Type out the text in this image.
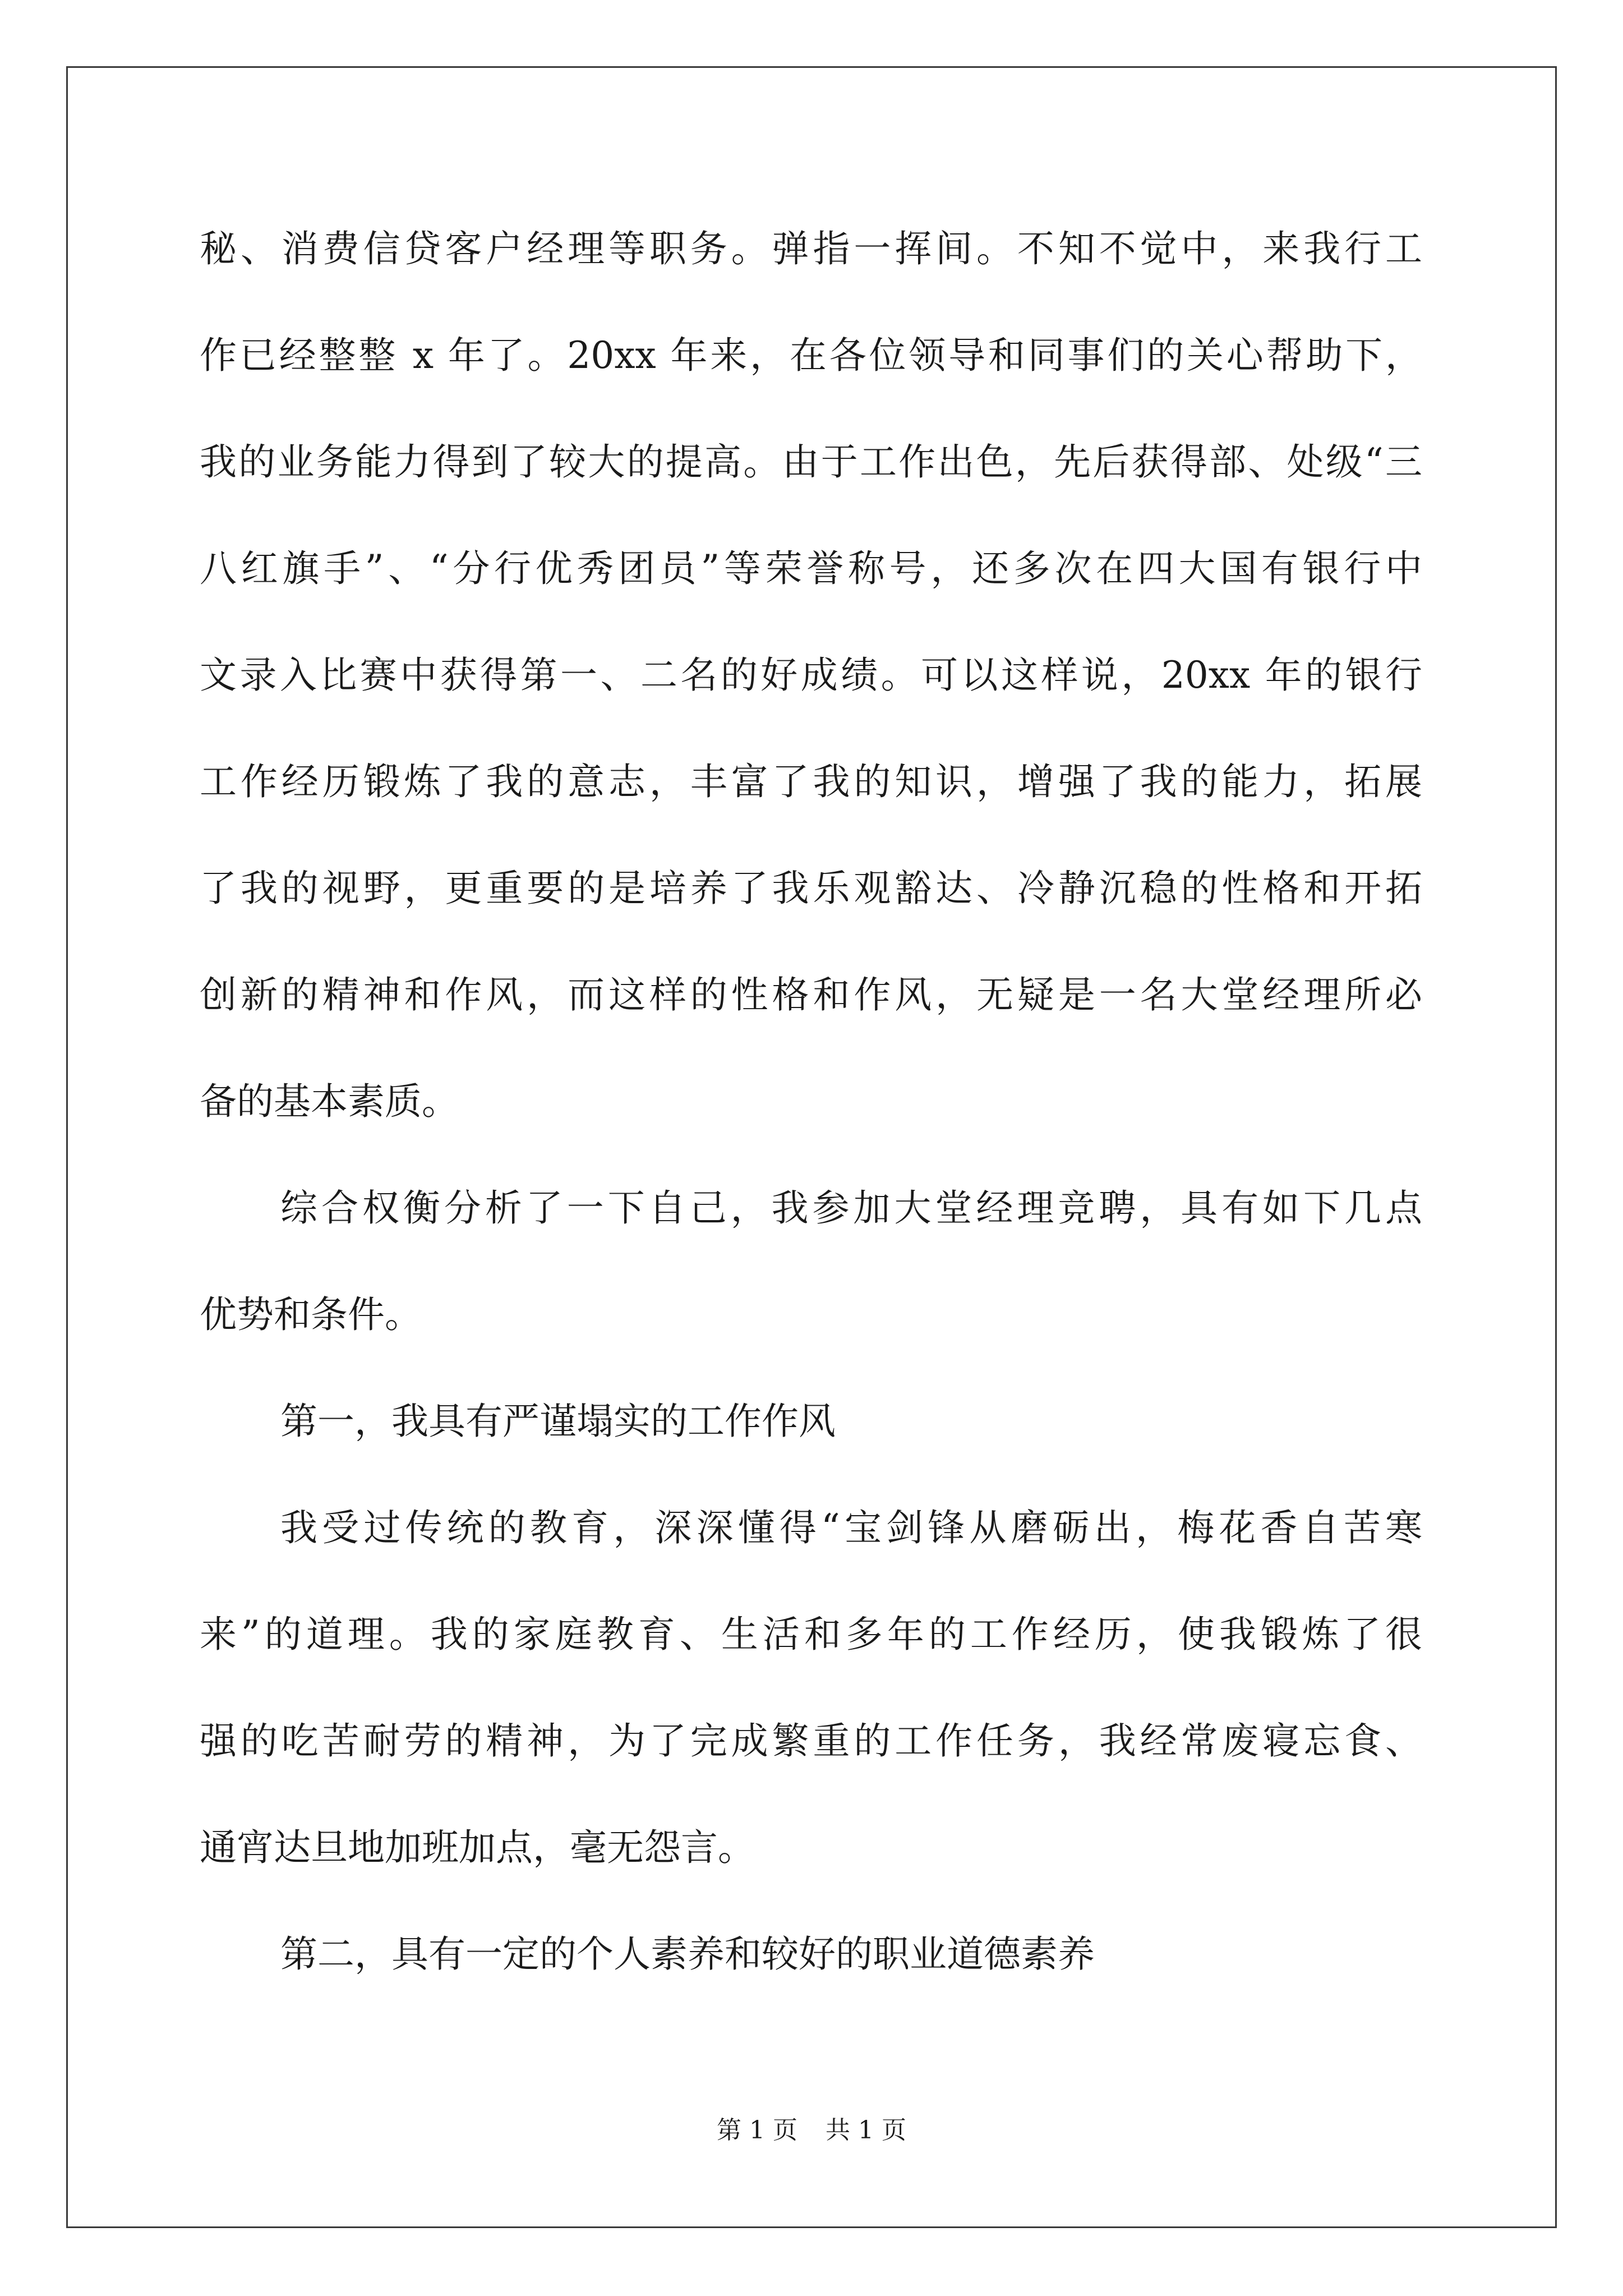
秘、消费信贷客户经理等职务。弹指一挥间。不知不觉中，来我行工
作已经整整 x 年了。20xx 年来，在各位领导和同事们的关心帮助下，
我的业务能力得到了较大的提高。由于工作出色，先后获得部、处级“三
八红旗手”、“分行优秀团员”等荣誉称号，还多次在四大国有银行中
文录入比赛中获得第一、二名的好成绩。可以这样说，20xx 年的银行
工作经历锻炼了我的意志，丰富了我的知识，增强了我的能力，拓展
了我的视野，更重要的是培养了我乐观豁达、冷静沉稳的性格和开拓
创新的精神和作风，而这样的性格和作风，无疑是一名大堂经理所必
备的基本素质。
综合权衡分析了一下自己，我参加大堂经理竞聘，具有如下几点
优势和条件。
第一，我具有严谨塌实的工作作风
我受过传统的教育，深深懂得“宝剑锋从磨砺出，梅花香自苦寒
来”的道理。我的家庭教育、生活和多年的工作经历，使我锻炼了很
强的吃苦耐劳的精神，为了完成繁重的工作任务，我经常废寝忘食、
通宵达旦地加班加点，毫无怨言。
第二，具有一定的个人素养和较好的职业道德素养
第 1 页 共 1 页
